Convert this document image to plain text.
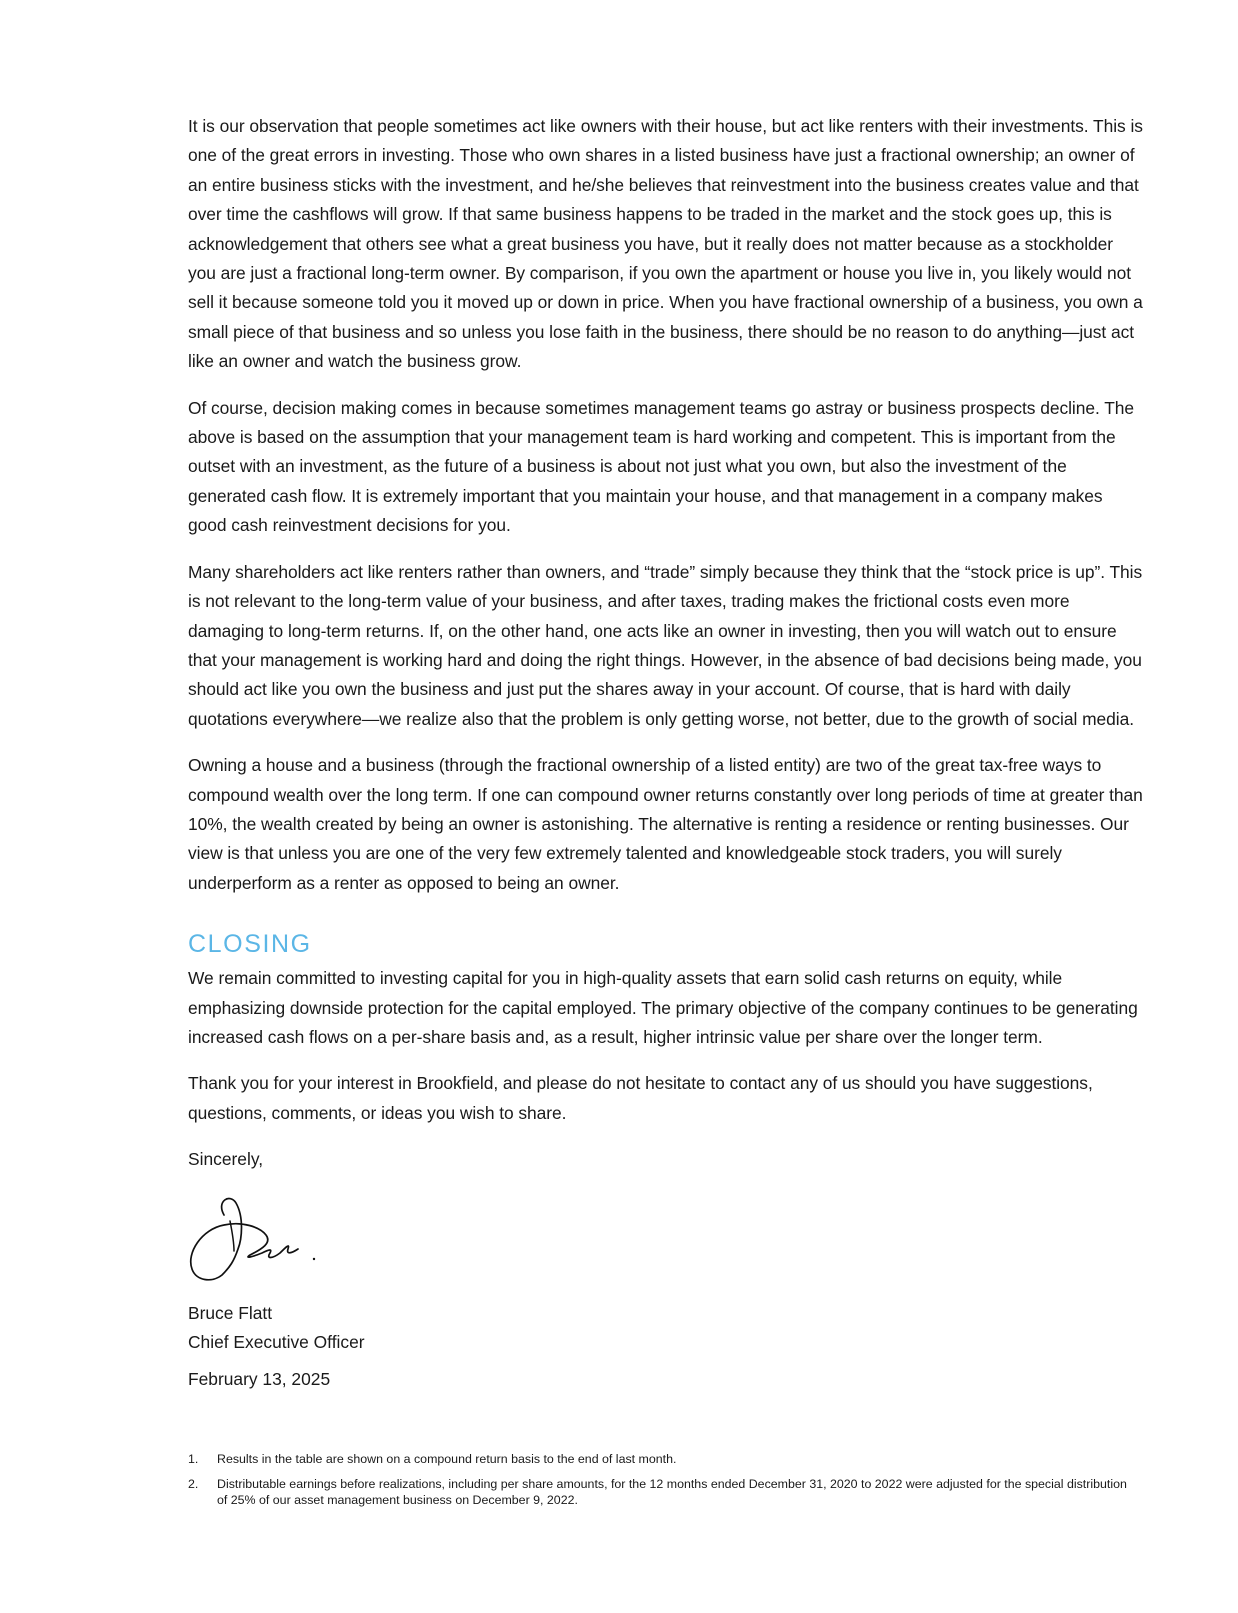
It is our observation that people sometimes act like owners with their house, but act like renters with their investments. This is one of the great errors in investing. Those who own shares in a listed business have just a fractional ownership; an owner of an entire business sticks with the investment, and he/she believes that reinvestment into the business creates value and that over time the cashflows will grow. If that same business happens to be traded in the market and the stock goes up, this is acknowledgement that others see what a great business you have, but it really does not matter because as a stockholder you are just a fractional long-term owner. By comparison, if you own the apartment or house you live in, you likely would not sell it because someone told you it moved up or down in price. When you have fractional ownership of a business, you own a small piece of that business and so unless you lose faith in the business, there should be no reason to do anything—just act like an owner and watch the business grow.

Of course, decision making comes in because sometimes management teams go astray or business prospects decline. The above is based on the assumption that your management team is hard working and competent. This is important from the outset with an investment, as the future of a business is about not just what you own, but also the investment of the generated cash flow. It is extremely important that you maintain your house, and that management in a company makes good cash reinvestment decisions for you.

Many shareholders act like renters rather than owners, and “trade” simply because they think that the “stock price is up”. This is not relevant to the long-term value of your business, and after taxes, trading makes the frictional costs even more damaging to long-term returns. If, on the other hand, one acts like an owner in investing, then you will watch out to ensure that your management is working hard and doing the right things. However, in the absence of bad decisions being made, you should act like you own the business and just put the shares away in your account. Of course, that is hard with daily quotations everywhere—we realize also that the problem is only getting worse, not better, due to the growth of social media.

Owning a house and a business (through the fractional ownership of a listed entity) are two of the great tax-free ways to compound wealth over the long term. If one can compound owner returns constantly over long periods of time at greater than 10%, the wealth created by being an owner is astonishing. The alternative is renting a residence or renting businesses. Our view is that unless you are one of the very few extremely talented and knowledgeable stock traders, you will surely underperform as a renter as opposed to being an owner.

CLOSING

We remain committed to investing capital for you in high-quality assets that earn solid cash returns on equity, while emphasizing downside protection for the capital employed. The primary objective of the company continues to be generating increased cash flows on a per-share basis and, as a result, higher intrinsic value per share over the longer term.

Thank you for your interest in Brookfield, and please do not hesitate to contact any of us should you have suggestions, questions, comments, or ideas you wish to share.

Sincerely,

Bruce Flatt

Chief Executive Officer

February 13, 2025

1.	Results in the table are shown on a compound return basis to the end of last month.
2.	Distributable earnings before realizations, including per share amounts, for the 12 months ended December 31, 2020 to 2022 were adjusted for the special distribution of 25% of our asset management business on December 9, 2022.
